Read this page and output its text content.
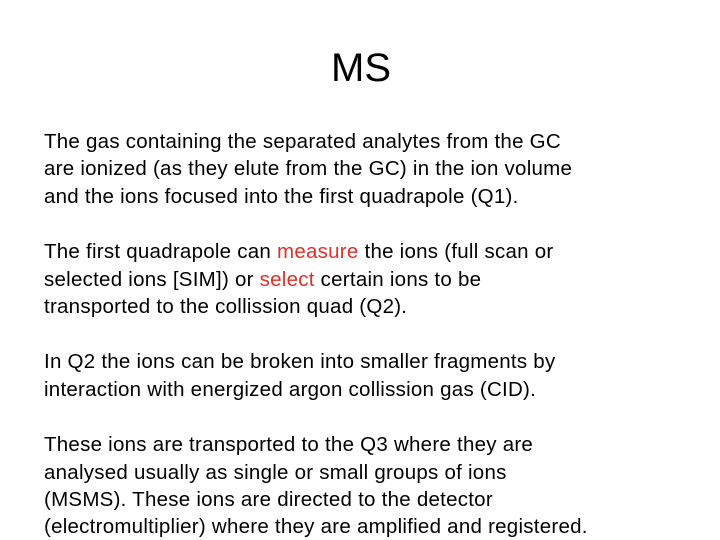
MS

The gas containing the separated analytes from the GC
are ionized (as they elute from the GC) in the ion volume
and the ions focused into the first quadrapole (Q1).

The first quadrapole can measure the ions (full scan or
selected ions [SIM]) or select certain ions to be
transported to the collission quad (Q2).

In Q2 the ions can be broken into smaller fragments by
interaction with energized argon collission gas (CID).

These ions are transported to the Q3 where they are
analysed usually as single or small groups of ions
(MSMS). These ions are directed to the detector
(electromultiplier) where they are amplified and registered.
